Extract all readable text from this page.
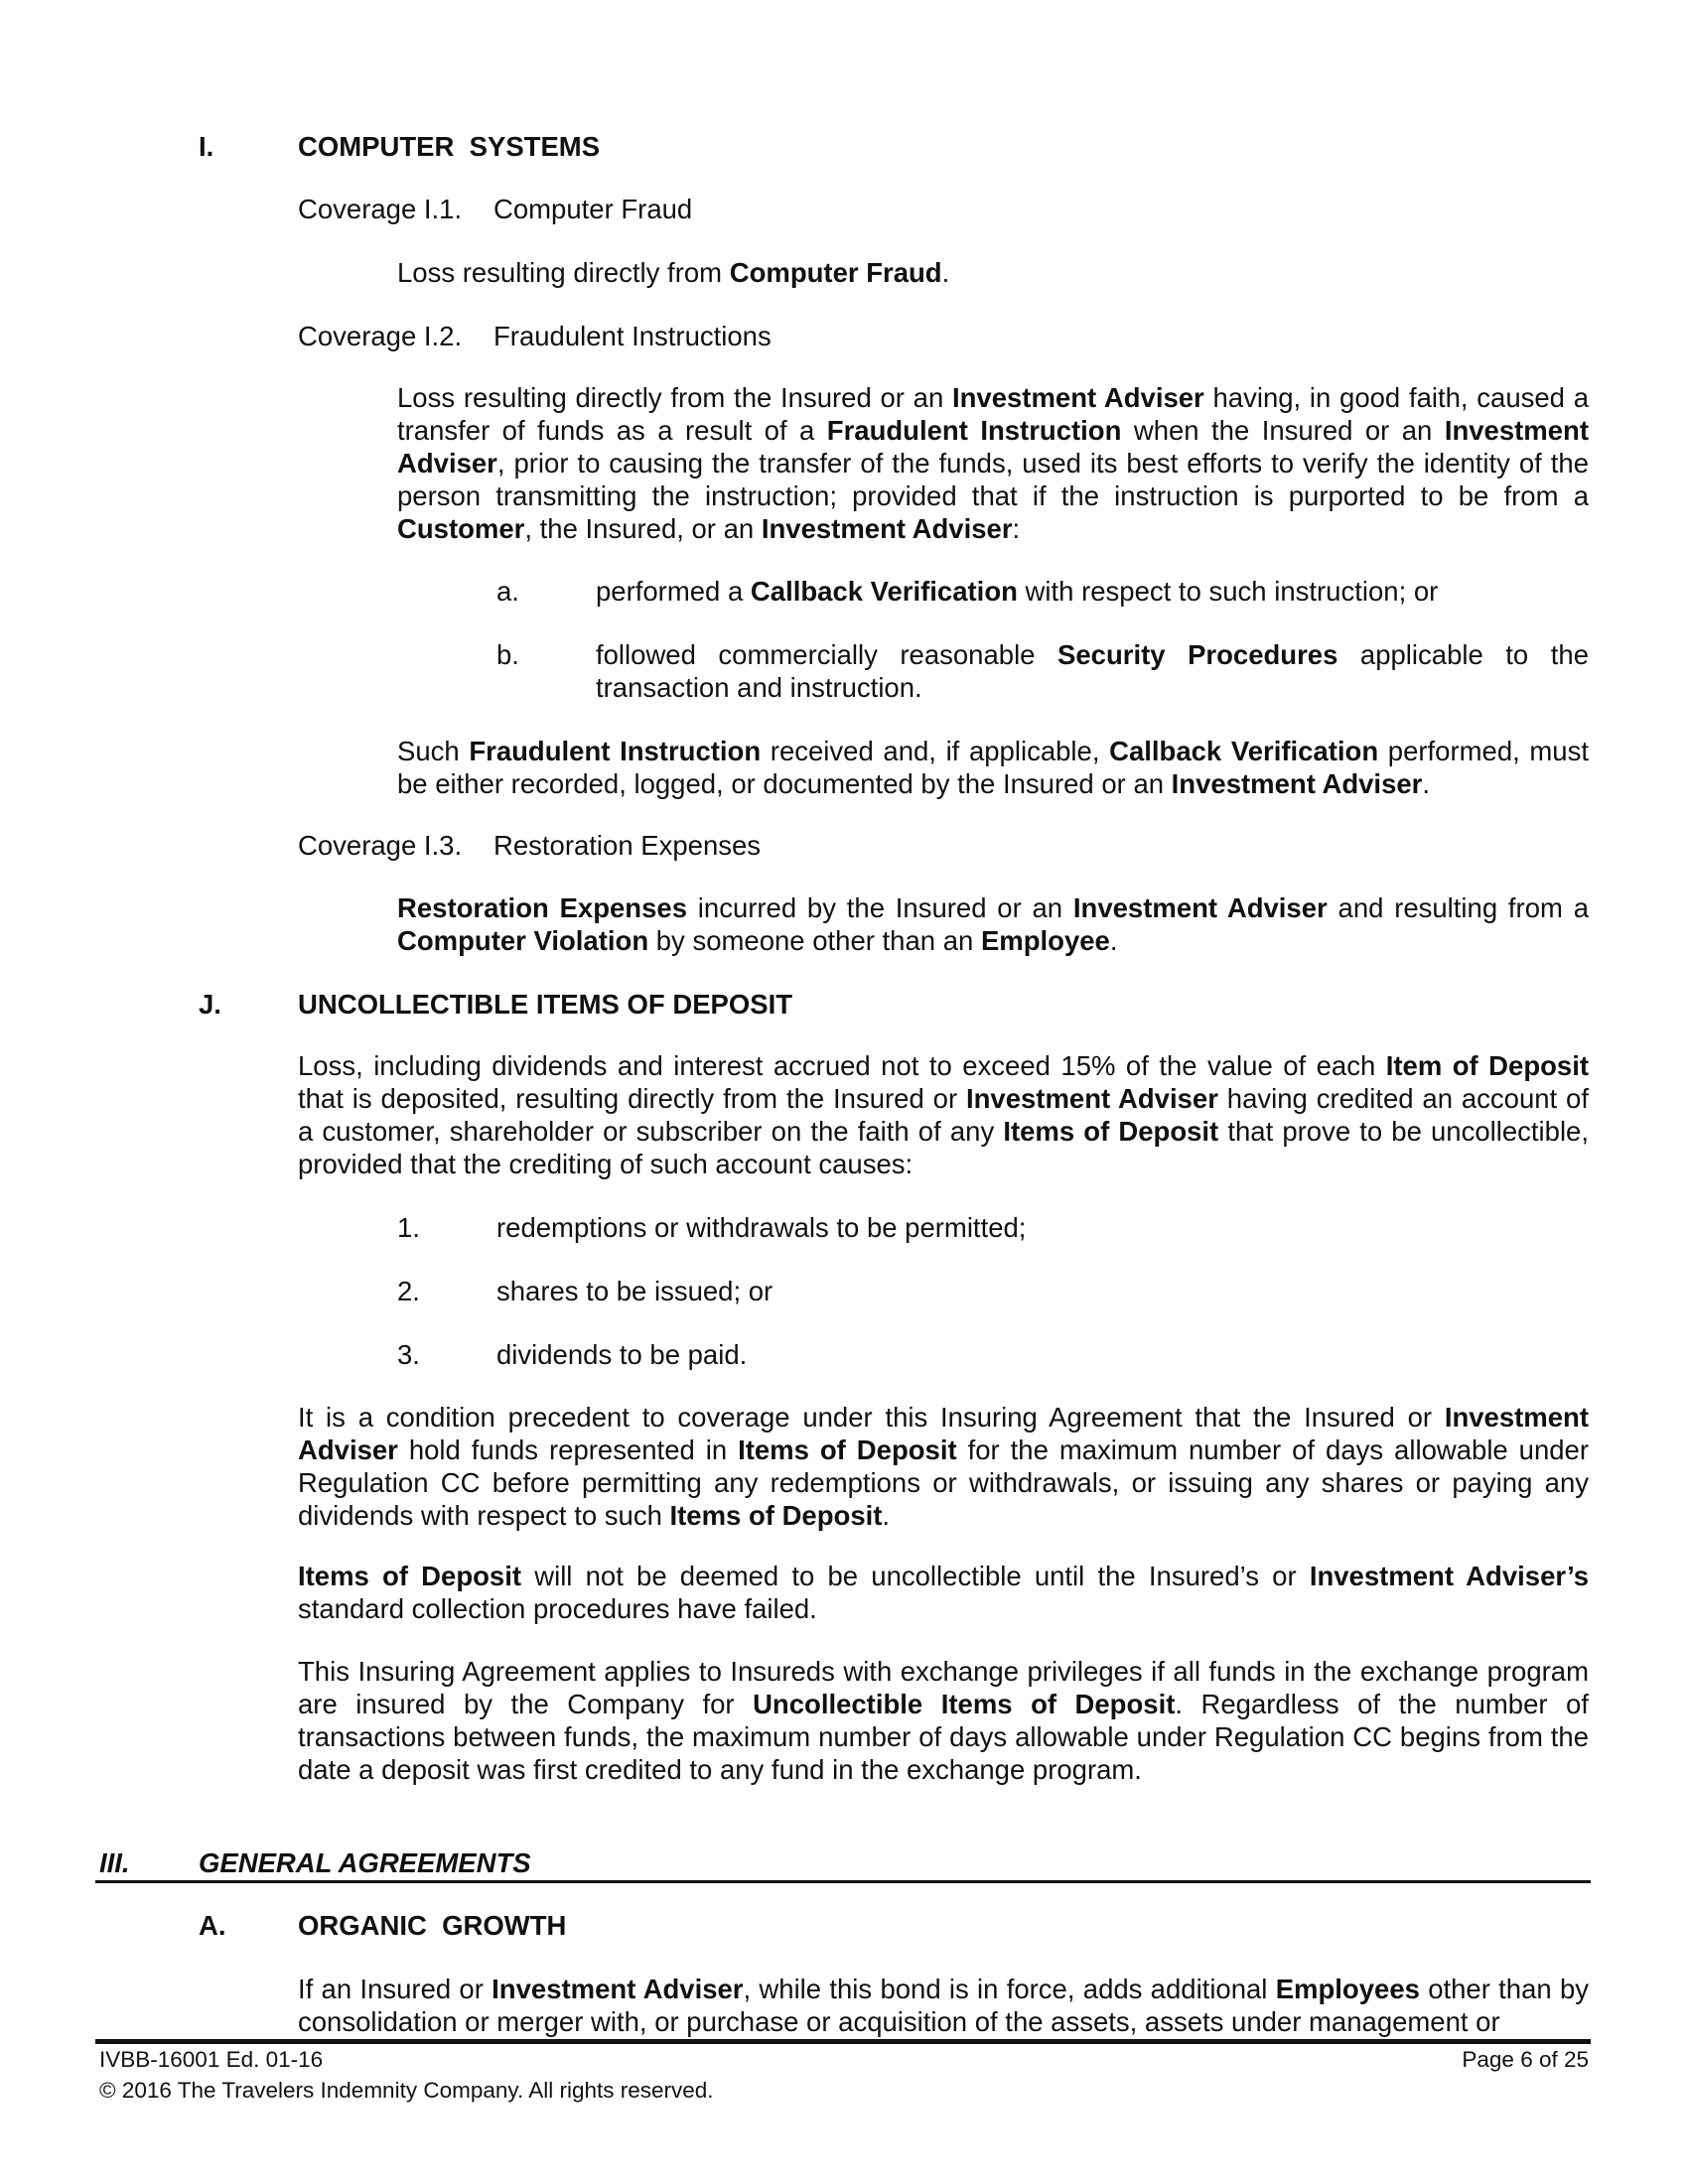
I.	COMPUTER  SYSTEMS
Coverage I.1. Computer Fraud
Loss resulting directly from Computer Fraud.
Coverage I.2. Fraudulent Instructions
Loss resulting directly from the Insured or an Investment Adviser having, in good faith, caused a transfer of funds as a result of a Fraudulent Instruction when the Insured or an Investment Adviser, prior to causing the transfer of the funds, used its best efforts to verify the identity of the person transmitting the instruction; provided that if the instruction is purported to be from a Customer, the Insured, or an Investment Adviser:
a.	performed a Callback Verification with respect to such instruction; or
b.	followed commercially reasonable Security Procedures applicable to the transaction and instruction.
Such Fraudulent Instruction received and, if applicable, Callback Verification performed, must be either recorded, logged, or documented by the Insured or an Investment Adviser.
Coverage I.3. Restoration Expenses
Restoration Expenses incurred by the Insured or an Investment Adviser and resulting from a Computer Violation by someone other than an Employee.
J.	UNCOLLECTIBLE ITEMS OF DEPOSIT
Loss, including dividends and interest accrued not to exceed 15% of the value of each Item of Deposit that is deposited, resulting directly from the Insured or Investment Adviser having credited an account of a customer, shareholder or subscriber on the faith of any Items of Deposit that prove to be uncollectible, provided that the crediting of such account causes:
1.	redemptions or withdrawals to be permitted;
2.	shares to be issued; or
3.	dividends to be paid.
It is a condition precedent to coverage under this Insuring Agreement that the Insured or Investment Adviser hold funds represented in Items of Deposit for the maximum number of days allowable under Regulation CC before permitting any redemptions or withdrawals, or issuing any shares or paying any dividends with respect to such Items of Deposit.
Items of Deposit will not be deemed to be uncollectible until the Insured’s or Investment Adviser’s standard collection procedures have failed.
This Insuring Agreement applies to Insureds with exchange privileges if all funds in the exchange program are insured by the Company for Uncollectible Items of Deposit. Regardless of the number of transactions between funds, the maximum number of days allowable under Regulation CC begins from the date a deposit was first credited to any fund in the exchange program.
III.	GENERAL AGREEMENTS
A.	ORGANIC  GROWTH
If an Insured or Investment Adviser, while this bond is in force, adds additional Employees other than by consolidation or merger with, or purchase or acquisition of the assets, assets under management or
IVBB-16001 Ed. 01-16	Page 6 of 25
© 2016 The Travelers Indemnity Company. All rights reserved.
